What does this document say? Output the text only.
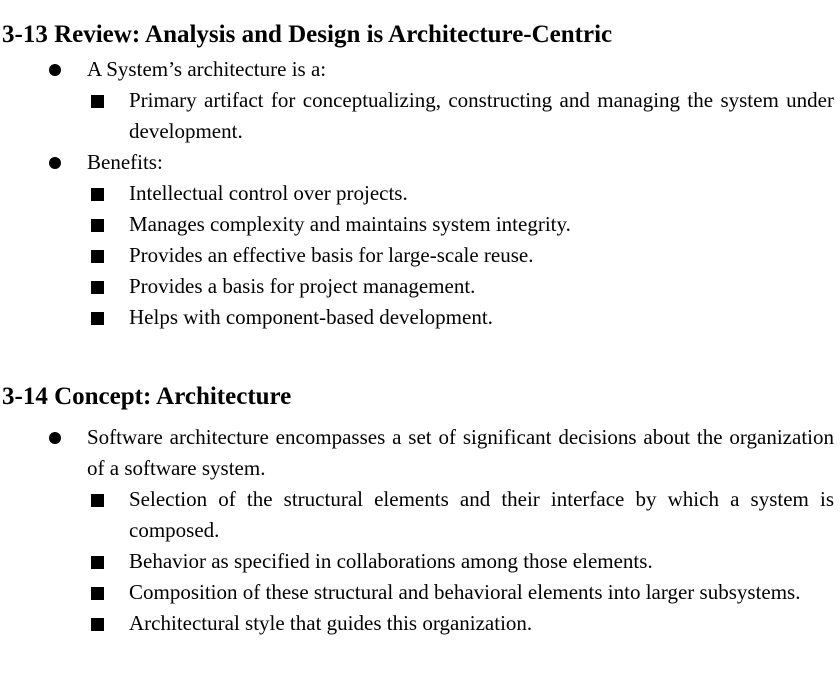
3-13 Review: Analysis and Design is Architecture-Centric
A System’s architecture is a:
Primary artifact for conceptualizing, constructing and managing the system under development.
Benefits:
Intellectual control over projects.
Manages complexity and maintains system integrity.
Provides an effective basis for large-scale reuse.
Provides a basis for project management.
Helps with component-based development.
3-14 Concept: Architecture
Software architecture encompasses a set of significant decisions about the organization of a software system.
Selection of the structural elements and their interface by which a system is composed.
Behavior as specified in collaborations among those elements.
Composition of these structural and behavioral elements into larger subsystems.
Architectural style that guides this organization.
